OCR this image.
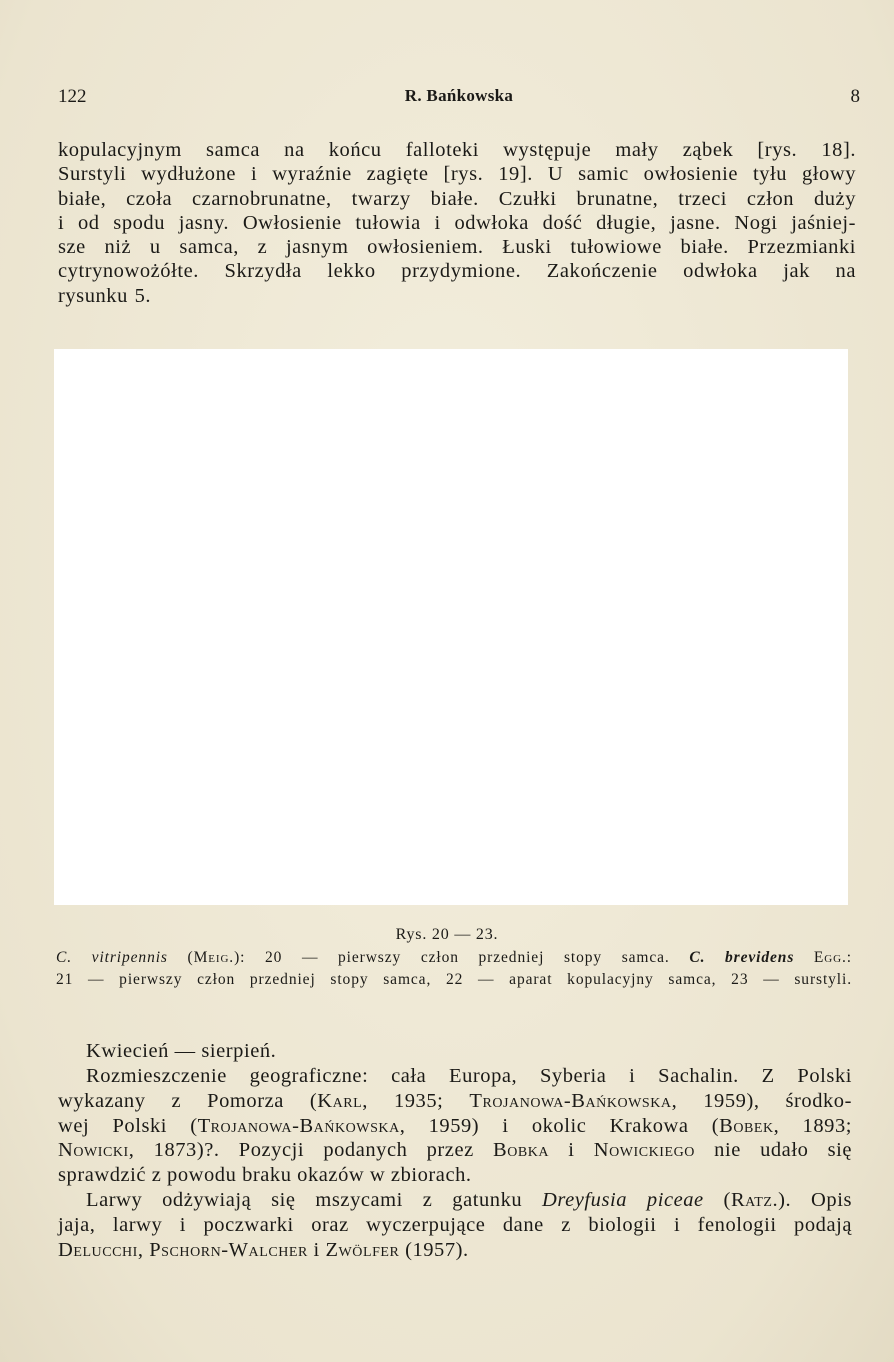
122	R. Bańkowska	8
kopulacyjnym samca na końcu falloteki występuje mały ząbek [rys. 18].
Surstyli wydłużone i wyraźnie zagięte [rys. 19]. U samic owłosienie tyłu głowy
białe, czoła czarnobrunatne, twarzy białe. Czułki brunatne, trzeci człon duży
i od spodu jasny. Owłosienie tułowia i odwłoka dość długie, jasne. Nogi jaśniej-
sze niż u samca, z jasnym owłosieniem. Łuski tułowiowe białe. Przezmianki
cytrynowożółte. Skrzydła lekko przydymione. Zakończenie odwłoka jak na
rysunku 5.
Rys. 20 — 23.
C. vitripennis (Meig.): 20 — pierwszy człon przedniej stopy samca. C. brevidens Egg.:
21 — pierwszy człon przedniej stopy samca, 22 — aparat kopulacyjny samca, 23 — surstyli.
Kwiecień — sierpień.
Rozmieszczenie geograficzne: cała Europa, Syberia i Sachalin. Z Polski
wykazany z Pomorza (Karl, 1935; Trojanowa-Bańkowska, 1959), środko-
wej Polski (Trojanowa-Bańkowska, 1959) i okolic Krakowa (Bobek, 1893;
Nowicki, 1873)?. Pozycji podanych przez Bobka i Nowickiego nie udało się
sprawdzić z powodu braku okazów w zbiorach.
Larwy odżywiają się mszycami z gatunku Dreyfusia piceae (Ratz.). Opis
jaja, larwy i poczwarki oraz wyczerpujące dane z biologii i fenologii podają
Delucchi, Pschorn-Walcher i Zwölfer (1957).
